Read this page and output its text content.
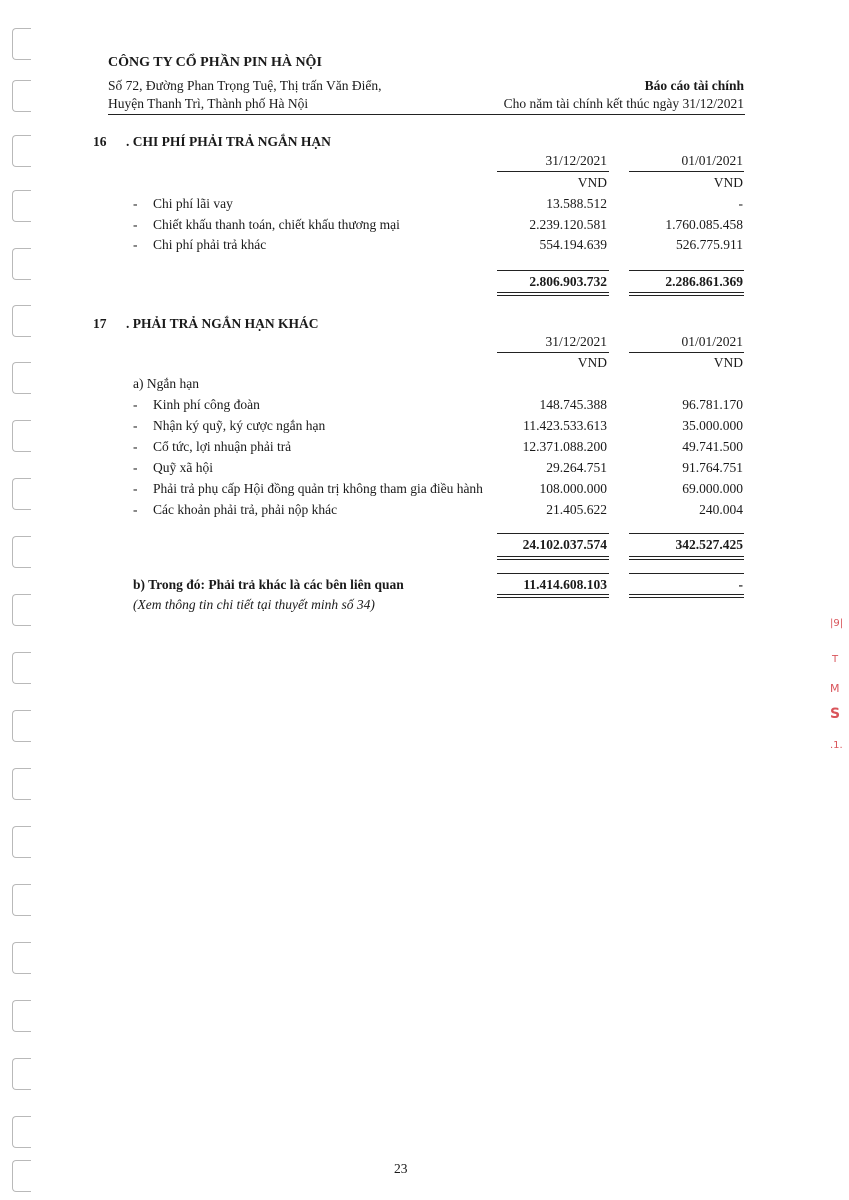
CÔNG TY CỔ PHẦN PIN HÀ NỘI
Số 72, Đường Phan Trọng Tuệ, Thị trấn Văn Điển,
Huyện Thanh Trì, Thành phố Hà Nội
Báo cáo tài chính
Cho năm tài chính kết thúc ngày 31/12/2021
16 . CHI PHÍ PHẢI TRẢ NGẮN HẠN
31/12/2021	01/01/2021
VND	VND
- Chi phí lãi vay	13.588.512	-
- Chiết khấu thanh toán, chiết khấu thương mại	2.239.120.581	1.760.085.458
- Chi phí phải trả khác	554.194.639	526.775.911
2.806.903.732	2.286.861.369
17 . PHẢI TRẢ NGẮN HẠN KHÁC
31/12/2021	01/01/2021
VND	VND
a) Ngắn hạn
- Kinh phí công đoàn	148.745.388	96.781.170
- Nhận ký quỹ, ký cược ngắn hạn	11.423.533.613	35.000.000
- Cổ tức, lợi nhuận phải trả	12.371.088.200	49.741.500
- Quỹ xã hội	29.264.751	91.764.751
- Phải trả phụ cấp Hội đồng quản trị không tham gia điều hành	108.000.000	69.000.000
- Các khoản phải trả, phải nộp khác	21.405.622	240.004
24.102.037.574	342.527.425
b) Trong đó: Phải trả khác là các bên liên quan	11.414.608.103	-
(Xem thông tin chi tiết tại thuyết minh số 34)
|9|
T
M
S
.1.
23
